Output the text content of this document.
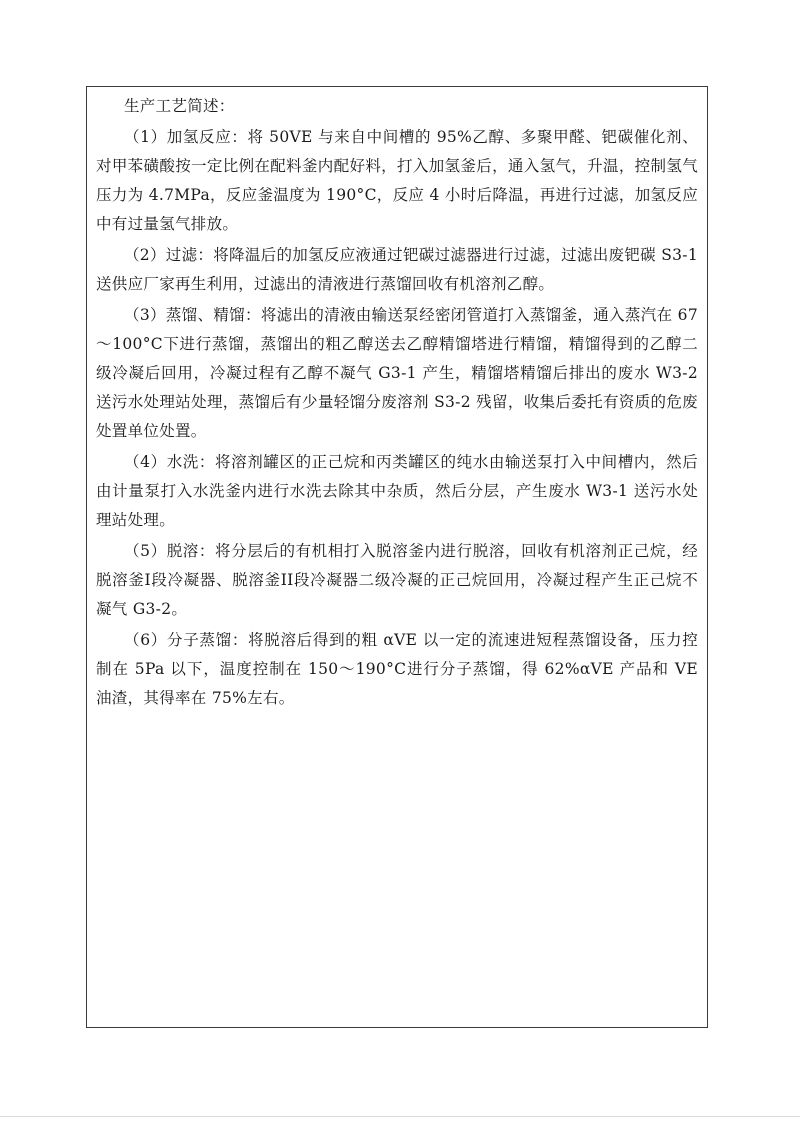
生产工艺简述：

（1）加氢反应：将 50VE 与来自中间槽的 95%乙醇、多聚甲醛、钯碳催化剂、对甲苯磺酸按一定比例在配料釜内配好料，打入加氢釜后，通入氢气，升温，控制氢气压力为 4.7MPa，反应釜温度为 190°C，反应 4 小时后降温，再进行过滤，加氢反应中有过量氢气排放。

（2）过滤：将降温后的加氢反应液通过钯碳过滤器进行过滤，过滤出废钯碳 S3-1 送供应厂家再生利用，过滤出的清液进行蒸馏回收有机溶剂乙醇。

（3）蒸馏、精馏：将滤出的清液由输送泵经密闭管道打入蒸馏釜，通入蒸汽在 67～100°C下进行蒸馏，蒸馏出的粗乙醇送去乙醇精馏塔进行精馏，精馏得到的乙醇二级冷凝后回用，冷凝过程有乙醇不凝气 G3-1 产生，精馏塔精馏后排出的废水 W3-2 送污水处理站处理，蒸馏后有少量轻馏分废溶剂 S3-2 残留，收集后委托有资质的危废处置单位处置。

（4）水洗：将溶剂罐区的正己烷和丙类罐区的纯水由输送泵打入中间槽内，然后由计量泵打入水洗釜内进行水洗去除其中杂质，然后分层，产生废水 W3-1 送污水处理站处理。

（5）脱溶：将分层后的有机相打入脱溶釜内进行脱溶，回收有机溶剂正己烷，经脱溶釜I段冷凝器、脱溶釜II段冷凝器二级冷凝的正己烷回用，冷凝过程产生正己烷不凝气 G3-2。

（6）分子蒸馏：将脱溶后得到的粗 αVE 以一定的流速进短程蒸馏设备，压力控制在 5Pa 以下，温度控制在 150～190°C进行分子蒸馏，得 62%αVE 产品和 VE 油渣，其得率在 75%左右。
